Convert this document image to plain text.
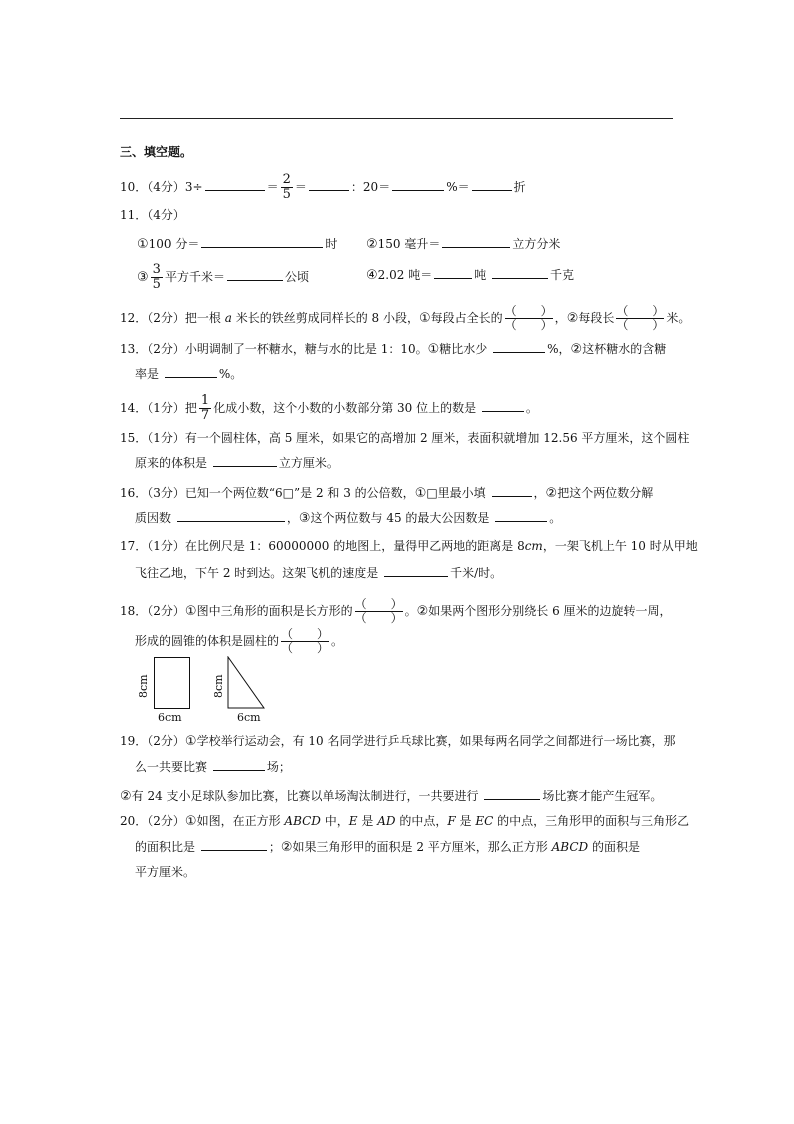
三、填空题。
10．（4分）3÷	＝ $\frac{2}{5}$ ＝	：20＝	%＝	折
11．（4分）
①100 分＝	时 ②150 毫升＝	立方分米
③ $\frac{3}{5}$ 平方千米＝	公顷	④2.02 吨＝	吨	千克
12．（2分）把一根 a 米长的铁丝剪成同样长的 8 小段，①每段占全长的 （　　）
（　　） ，②每段长 （　　）
（　　） 米。
13．（2分）小明调制了一杯糖水，糖与水的比是 1：10。①糖比水少	%，②这杯糖水的含糖
率是	%。
14．（1分）把 $\frac{1}{7}$ 化成小数，这个小数的小数部分第 30 位上的数是	。
15．（1分）有一个圆柱体，高 5 厘米，如果它的高增加 2 厘米，表面积就增加 12.56 平方厘米，这个圆柱
原来的体积是	立方厘米。
16．（3分）已知一个两位数“6□”是 2 和 3 的公倍数，①□里最小填	，②把这个两位数分解
质因数	，③这个两位数与 45 的最大公因数是	。
17．（1分）在比例尺是 1：60000000 的地图上，量得甲乙两地的距离是 8cm，一架飞机上午 10 时从甲地
飞往乙地，下午 2 时到达。这架飞机的速度是	千米/时。
18．（2分）①图中三角形的面积是长方形的 （　　）
（　　） 。②如果两个图形分别绕长 6 厘米的边旋转一周，
形成的圆锥的体积是圆柱的 （　　）
（　　） 。
8cm
6cm
8cm
6cm
19．（2分）①学校举行运动会，有 10 名同学进行乒乓球比赛，如果每两名同学之间都进行一场比赛，那
么一共要比赛	场；
②有 24 支小足球队参加比赛，比赛以单场淘汰制进行，一共要进行	场比赛才能产生冠军。
20．（2分）①如图，在正方形 ABCD 中，E 是 AD 的中点，F 是 EC 的中点，三角形甲的面积与三角形乙
的面积比是	；②如果三角形甲的面积是 2 平方厘米，那么正方形 ABCD 的面积是
平方厘米。
